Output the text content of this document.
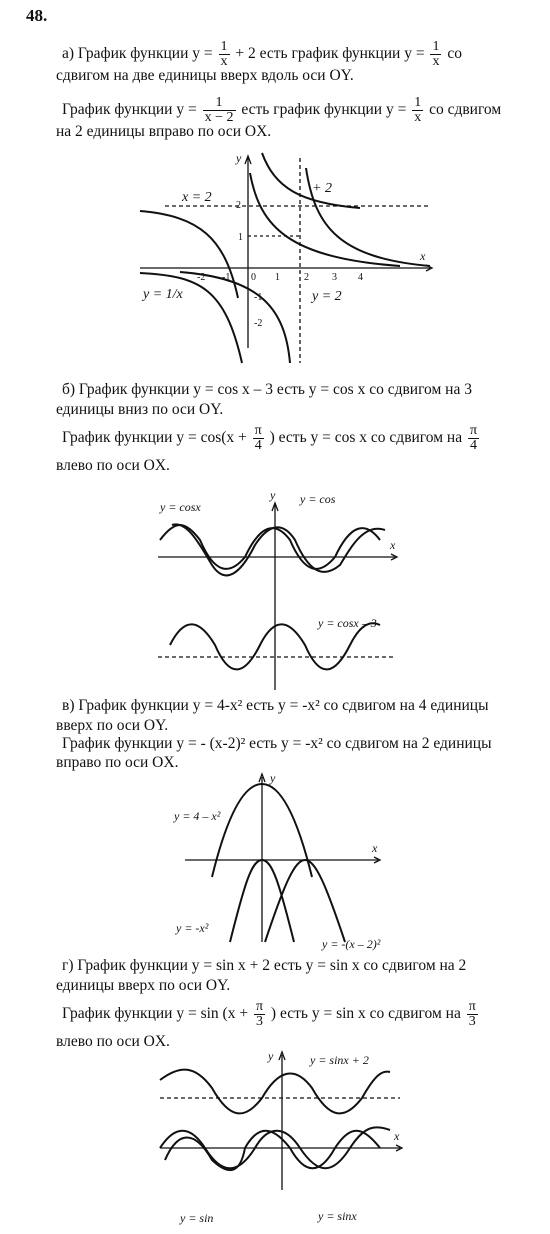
48.
а) График функции $y = \frac{1}{x} + 2$ есть график функции $y = \frac{1}{x}$ со
сдвигом на две единицы вверх вдоль оси OY.
График функции $y = \frac{1}{x - 2}$ есть график функции $y = \frac{1}{x}$ со сдвигом
на 2 единицы вправо по оси OX.
y
x
x = 2
y = 2
+ 2
y = 1/x
-2 -1 0 1 2 3 4
1
2
-1
-2
б) График функции y = cos x – 3 есть y = cos x со сдвигом на 3
единицы вниз по оси OY.
График функции $y = \cos(x + \frac{\pi}{4}$ ) есть y = cos x со сдвигом на $\frac{\pi}{4}$
влево по оси OX.
y
x
y = cosx
y = cos
y = cosx – 3
в) График функции y = 4-x² есть y = -x² со сдвигом на 4 единицы
вверх по оси OY.
График функции y = - (x-2)² есть y = -x² со сдвигом на 2 единицы
вправо по оси OX.
y
x
y = 4 – x²
y = -x²
y = -(x – 2)²
г) График функции y = sin x + 2 есть y = sin x со сдвигом на 2
единицы вверх по оси OY.
График функции $y = \sin (x + \frac{\pi}{3}$ ) есть y = sin x со сдвигом на $\frac{\pi}{3}$
влево по оси OX.
y
x
y = sinx + 2
y = sinx
y = sin
